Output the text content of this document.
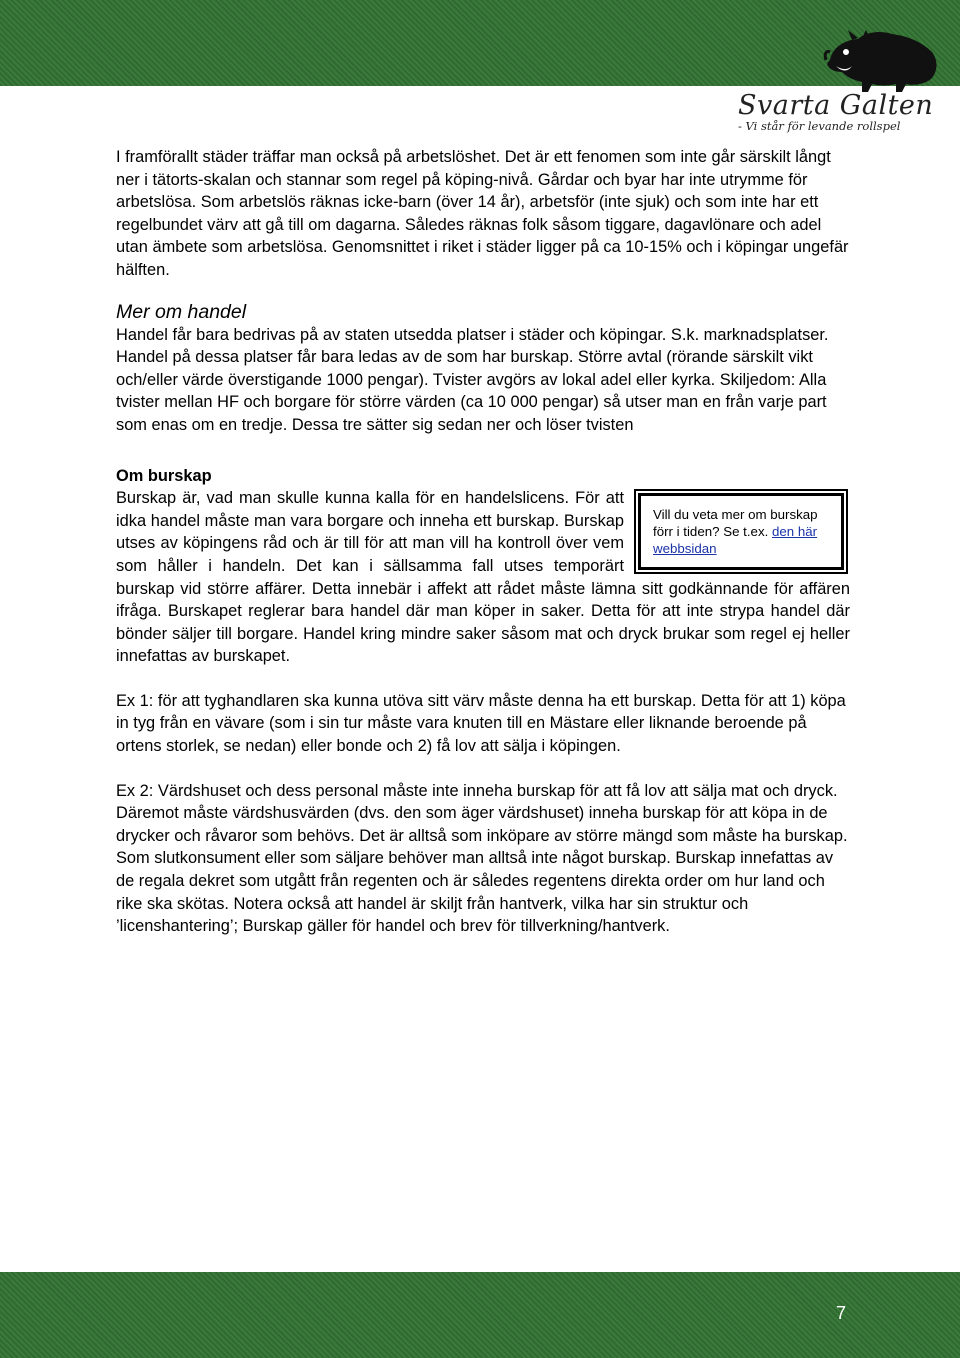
Svarta Galten
- Vi står för levande rollspel

I framförallt städer träffar man också på arbetslöshet. Det är ett fenomen som inte går särskilt långt ner i tätorts-skalan och stannar som regel på köping-nivå. Gårdar och byar har inte utrymme för arbetslösa. Som arbetslös räknas icke-barn (över 14 år), arbetsför (inte sjuk) och som inte har ett regelbundet värv att gå till om dagarna. Således räknas folk såsom tiggare, dagavlönare och adel utan ämbete som arbetslösa. Genomsnittet i riket i städer ligger på ca 10-15% och i köpingar ungefär hälften.

Mer om handel

Handel får bara bedrivas på av staten utsedda platser i städer och köpingar. S.k. marknadsplatser. Handel på dessa platser får bara ledas av de som har burskap. Större avtal (rörande särskilt vikt och/eller värde överstigande 1000 pengar). Tvister avgörs av lokal adel eller kyrka. Skiljedom: Alla tvister mellan HF och borgare för större värden (ca 10 000 pengar) så utser man en från varje part som enas om en tredje. Dessa tre sätter sig sedan ner och löser tvisten

Om burskap
Vill du veta mer om burskap förr i tiden? Se t.ex. den här webbsidan

Burskap är, vad man skulle kunna kalla för en handelslicens. För att idka handel måste man vara borgare och inneha ett burskap. Burskap utses av köpingens råd och är till för att man vill ha kontroll över vem som håller i handeln. Det kan i sällsamma fall utses temporärt burskap vid större affärer. Detta innebär i affekt att rådet måste lämna sitt godkännande för affären ifråga. Burskapet reglerar bara handel där man köper in saker. Detta för att inte strypa handel där bönder säljer till borgare. Handel kring mindre saker såsom mat och dryck brukar som regel ej heller innefattas av burskapet.

Ex 1: för att tyghandlaren ska kunna utöva sitt värv måste denna ha ett burskap. Detta för att 1) köpa in tyg från en vävare (som i sin tur måste vara knuten till en Mästare eller liknande beroende på ortens storlek, se nedan) eller bonde och 2) få lov att sälja i köpingen.

Ex 2: Värdshuset och dess personal måste inte inneha burskap för att få lov att sälja mat och dryck. Däremot måste värdshusvärden (dvs. den som äger värdshuset) inneha burskap för att köpa in de drycker och råvaror som behövs. Det är alltså som inköpare av större mängd som måste ha burskap. Som slutkonsument eller som säljare behöver man alltså inte något burskap. Burskap innefattas av de regala dekret som utgått från regenten och är således regentens direkta order om hur land och rike ska skötas. Notera också att handel är skiljt från hantverk, vilka har sin struktur och ’licenshantering’; Burskap gäller för handel och brev för tillverkning/hantverk.

7
